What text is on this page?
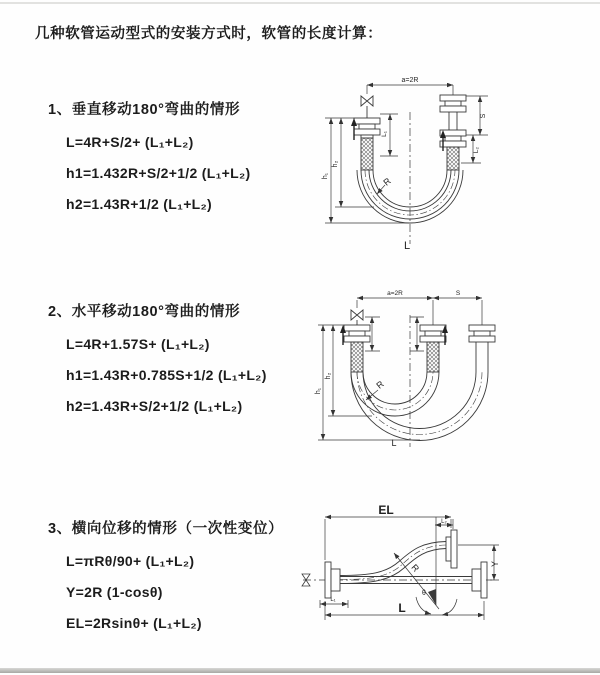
几种软管运动型式的安装方式时，软管的长度计算：
1、垂直移动180°弯曲的情形
L=4R+S/2+ (L₁+L₂)
h1=1.432R+S/2+1/2 (L₁+L₂)
h2=1.43R+1/2 (L₁+L₂)
2、水平移动180°弯曲的情形
L=4R+1.57S+ (L₁+L₂)
h1=1.43R+0.785S+1/2 (L₁+L₂)
h2=1.43R+S/2+1/2 (L₁+L₂)
3、横向位移的情形（一次性变位）
L=πRθ/90+ (L₁+L₂)
Y=2R (1-cosθ)
EL=2Rsinθ+ (L₁+L₂)
a=2R
S
L₂
h₁
h₂
L₁
R
L
a=2R	S
h₁
h₂
R
L
EL
L₂
Y
R
θ
L₁
L
